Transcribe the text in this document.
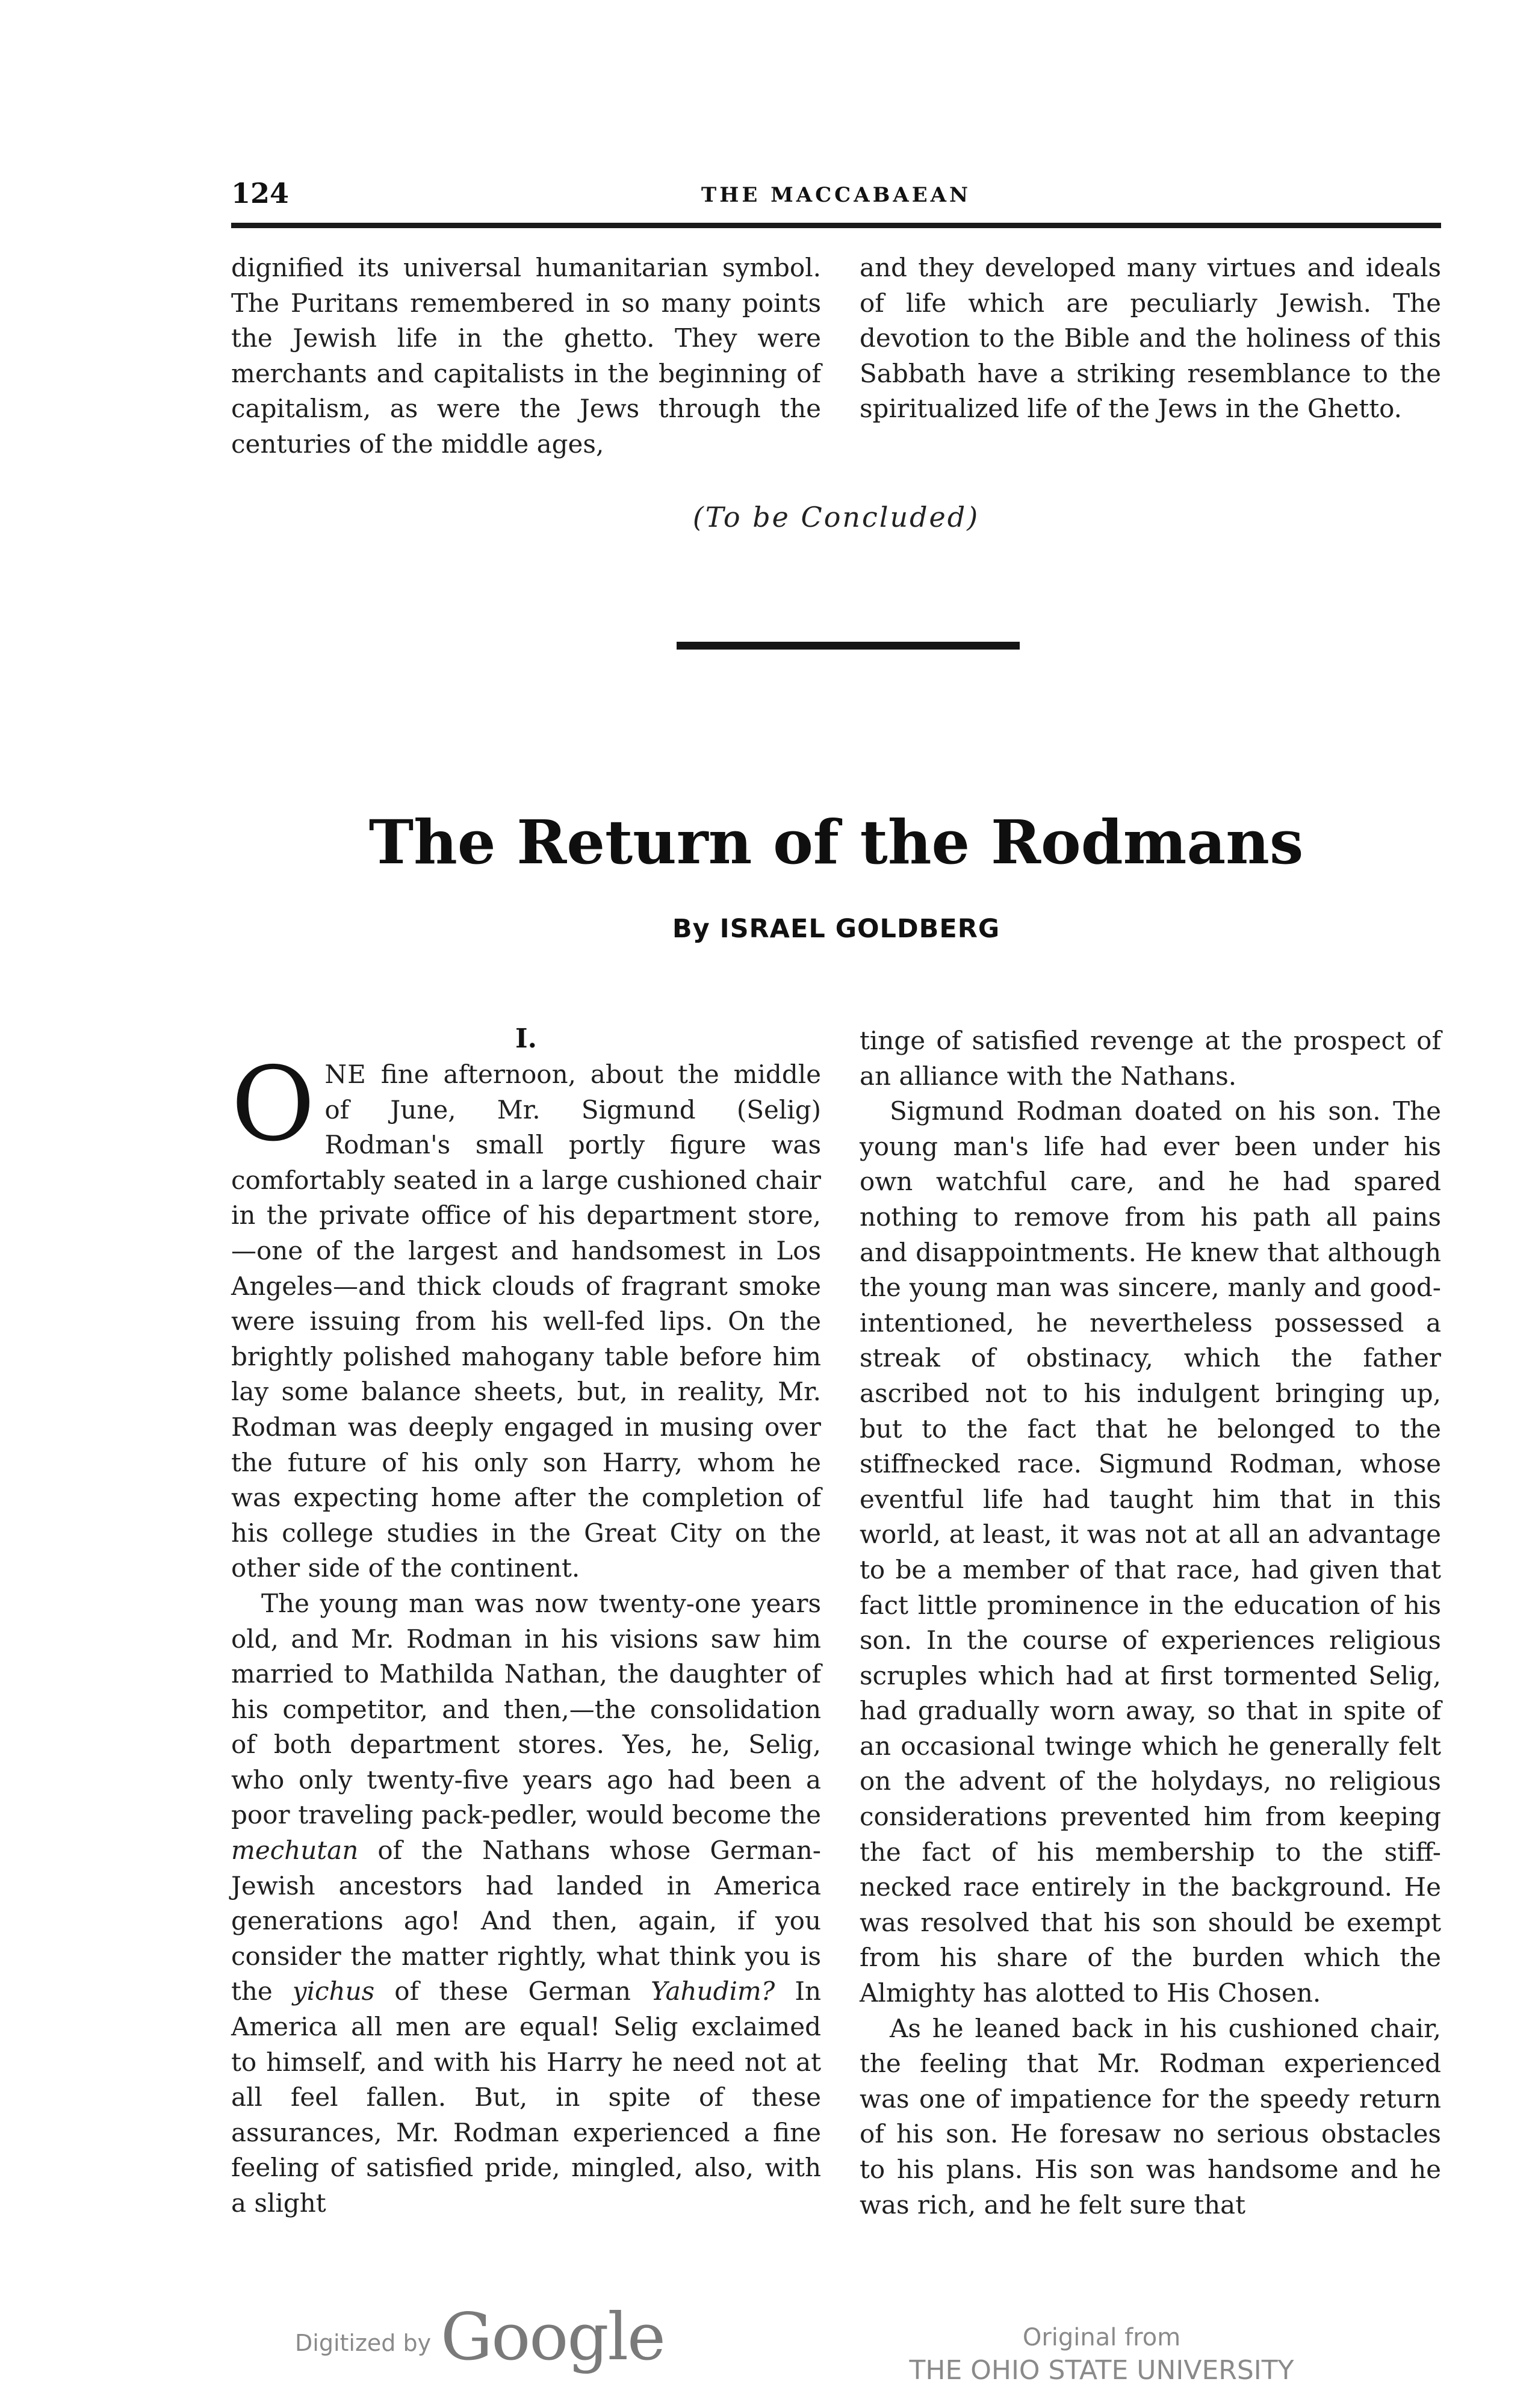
124	THE MACCABAEAN

dignified its universal humanitarian symbol. The Puritans remembered in so many points the Jewish life in the ghetto. They were merchants and capitalists in the beginning of capitalism, as were the Jews through the centuries of the middle ages,

and they developed many virtues and ideals of life which are peculiarly Jewish. The devotion to the Bible and the holiness of this Sabbath have a striking resemblance to the spiritualized life of the Jews in the Ghetto.

(To be Concluded)
The Return of the Rodmans
By ISRAEL GOLDBERG
I.

ONE fine afternoon, about the middle of June, Mr. Sigmund (Selig) Rodman's small portly figure was comfortably seated in a large cushioned chair in the private office of his department store,—one of the largest and handsomest in Los Angeles—and thick clouds of fragrant smoke were issuing from his well-fed lips. On the brightly polished mahogany table before him lay some balance sheets, but, in reality, Mr. Rodman was deeply engaged in musing over the future of his only son Harry, whom he was expecting home after the completion of his college studies in the Great City on the other side of the continent.

The young man was now twenty-one years old, and Mr. Rodman in his visions saw him married to Mathilda Nathan, the daughter of his competitor, and then,—the consolidation of both department stores. Yes, he, Selig, who only twenty-five years ago had been a poor traveling pack-pedler, would become the mechutan of the Nathans whose German-Jewish ancestors had landed in America generations ago! And then, again, if you consider the matter rightly, what think you is the yichus of these German Yahudim? In America all men are equal! Selig exclaimed to himself, and with his Harry he need not at all feel fallen. But, in spite of these assurances, Mr. Rodman experienced a fine feeling of satisfied pride, mingled, also, with a slight

tinge of satisfied revenge at the prospect of an alliance with the Nathans.

Sigmund Rodman doated on his son. The young man's life had ever been under his own watchful care, and he had spared nothing to remove from his path all pains and disappointments. He knew that although the young man was sincere, manly and good-intentioned, he nevertheless possessed a streak of obstinacy, which the father ascribed not to his indulgent bringing up, but to the fact that he belonged to the stiffnecked race. Sigmund Rodman, whose eventful life had taught him that in this world, at least, it was not at all an advantage to be a member of that race, had given that fact little prominence in the education of his son. In the course of experiences religious scruples which had at first tormented Selig, had gradually worn away, so that in spite of an occasional twinge which he generally felt on the advent of the holydays, no religious considerations prevented him from keeping the fact of his membership to the stiff-necked race entirely in the background. He was resolved that his son should be exempt from his share of the burden which the Almighty has alotted to His Chosen.

As he leaned back in his cushioned chair, the feeling that Mr. Rodman experienced was one of impatience for the speedy return of his son. He foresaw no serious obstacles to his plans. His son was handsome and he was rich, and he felt sure that

Digitized by Google	Original from
THE OHIO STATE UNIVERSITY
